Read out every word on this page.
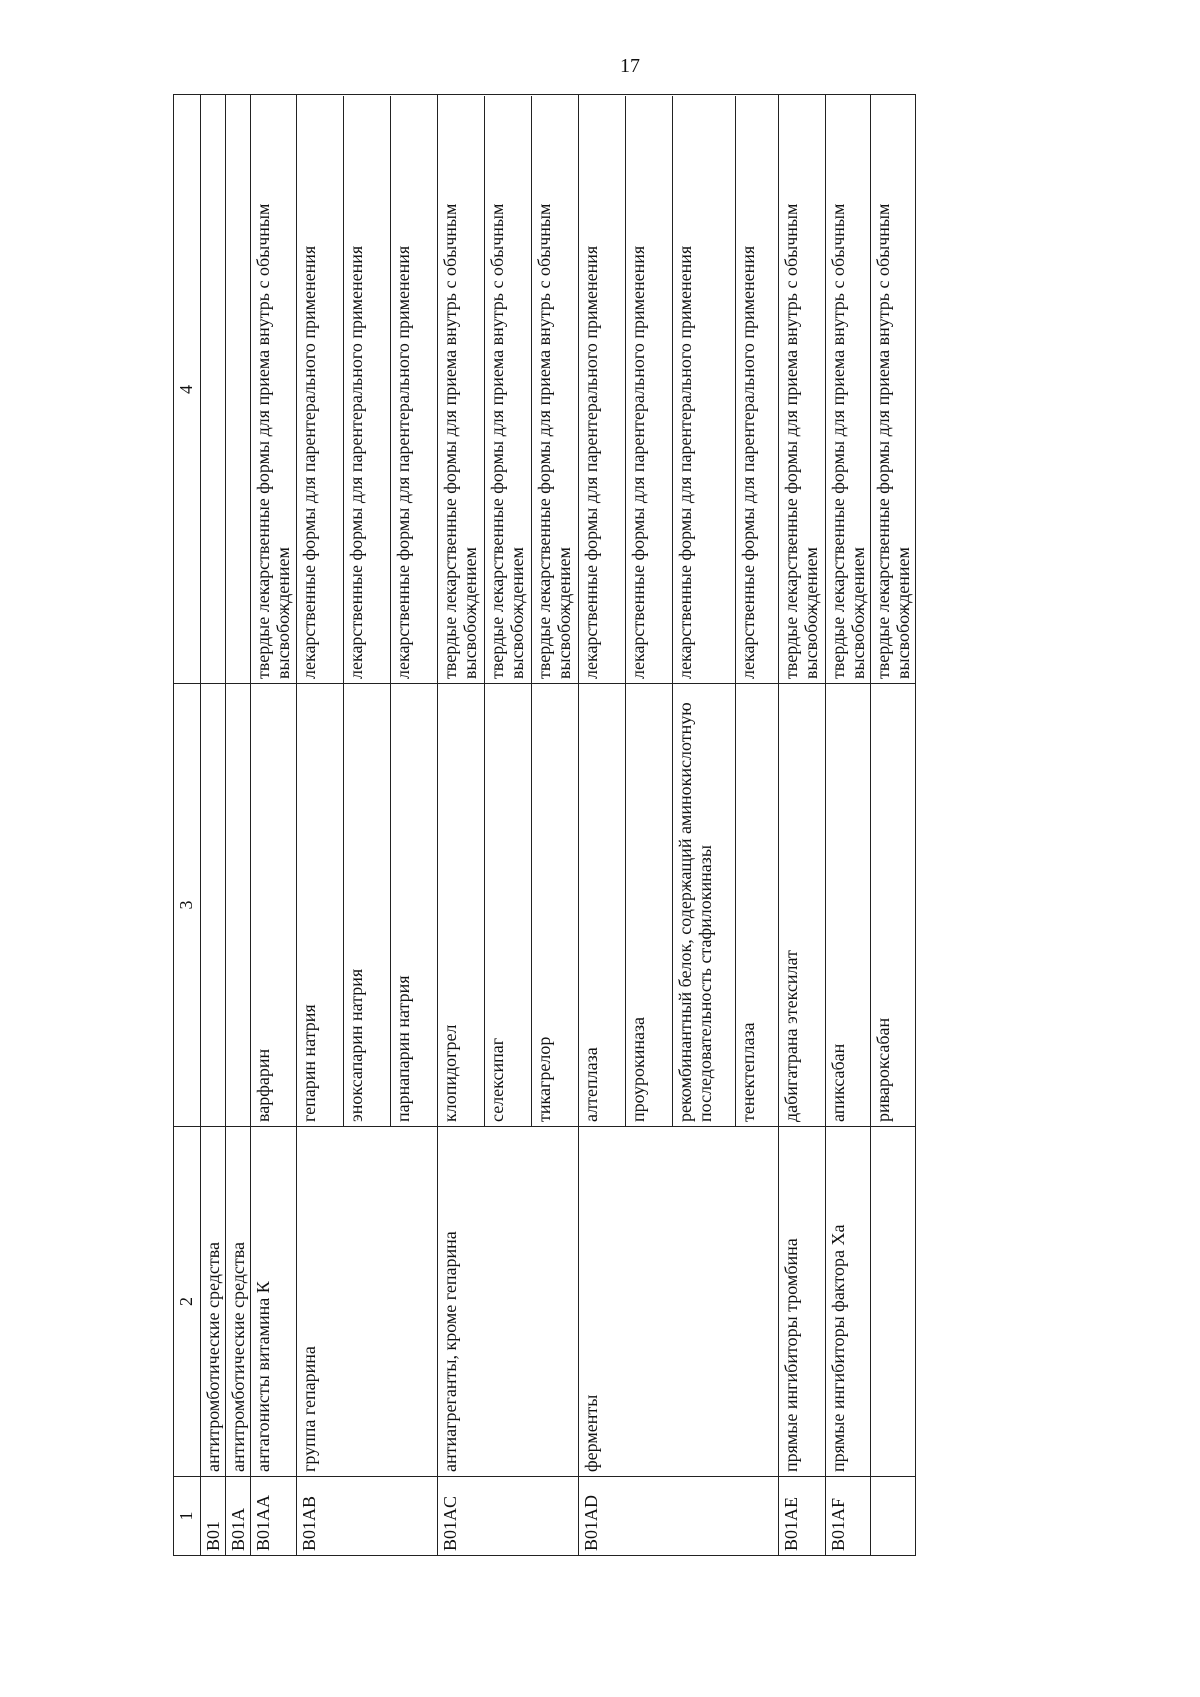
17
1
2
3
4
B01
антитромботические средства
B01A
антитромботические средства
B01AA
антагонисты витамина К
варфарин
твердые лекарственные формы для приема внутрь с обычным высвобождением
B01AB
группа гепарина
гепарин натрия
лекарственные формы для парентерального применения
эноксапарин натрия
лекарственные формы для парентерального применения
парнапарин натрия
лекарственные формы для парентерального применения
B01AC
антиагреганты, кроме гепарина
клопидогрел
твердые лекарственные формы для приема внутрь с обычным высвобождением
селексипаг
твердые лекарственные формы для приема внутрь с обычным высвобождением
тикагрелор
твердые лекарственные формы для приема внутрь с обычным высвобождением
B01AD
ферменты
алтеплаза
лекарственные формы для парентерального применения
проурокиназа
лекарственные формы для парентерального применения
рекомбинантный белок, содержащий аминокислотную последовательность стафилокиназы
лекарственные формы для парентерального применения
тенектеплаза
лекарственные формы для парентерального применения
B01AE
прямые ингибиторы тромбина
дабигатрана этексилат
твердые лекарственные формы для приема внутрь с обычным высвобождением
B01AF
прямые ингибиторы фактора Xa
апиксабан
твердые лекарственные формы для приема внутрь с обычным высвобождением
ривароксабан
твердые лекарственные формы для приема внутрь с обычным высвобождением
